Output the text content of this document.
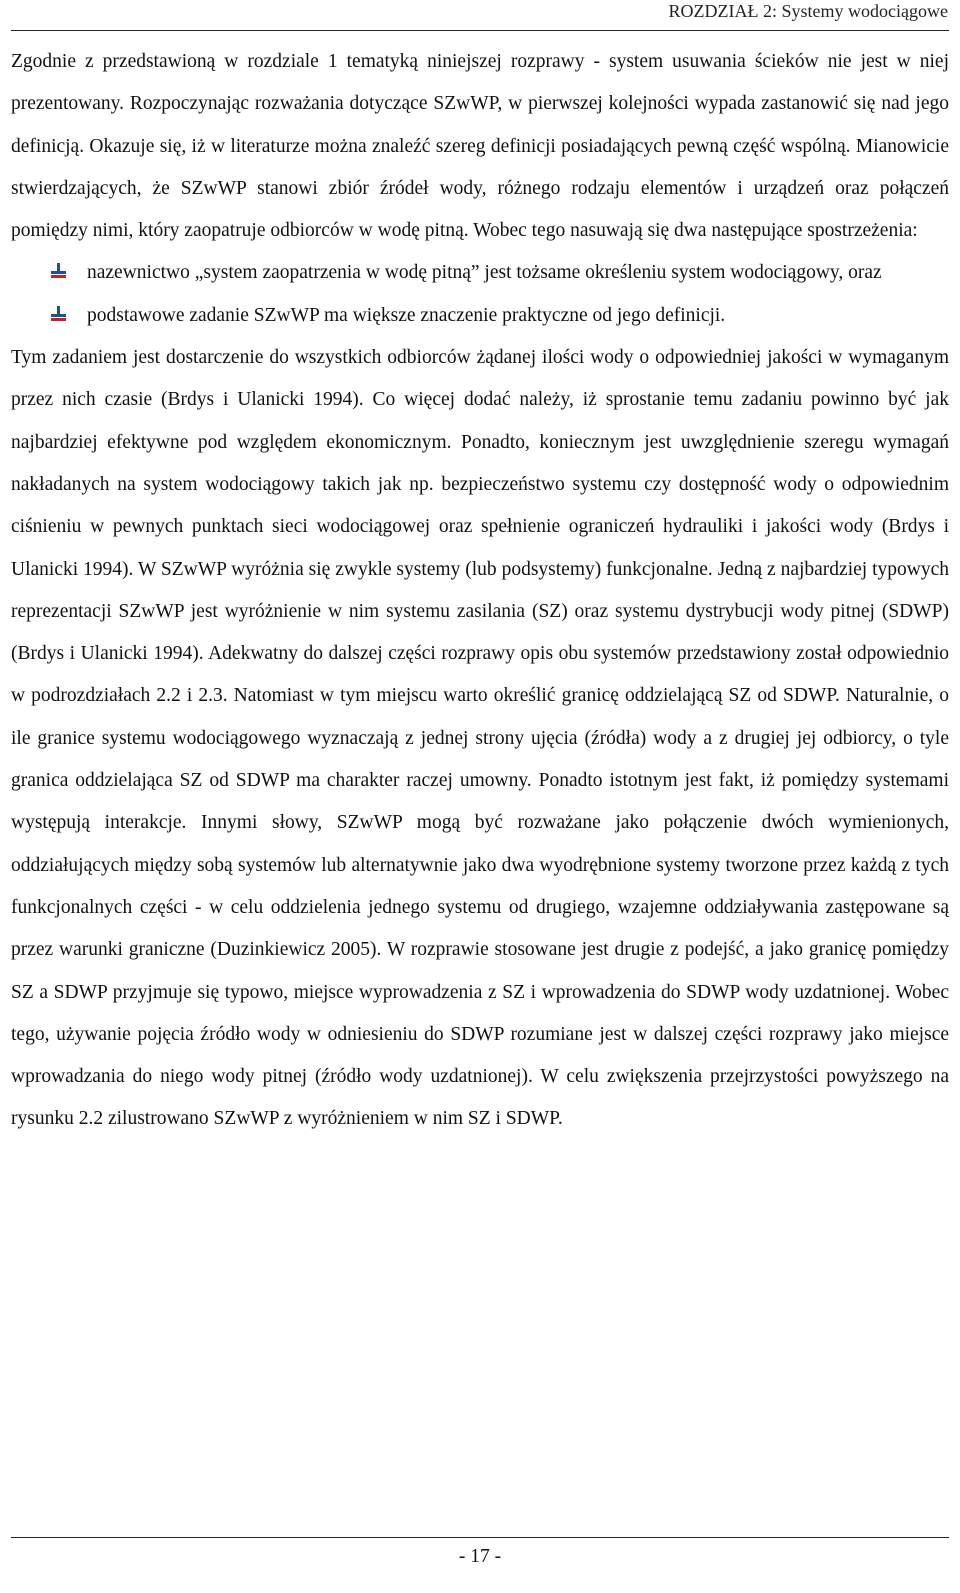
ROZDZIAŁ 2: Systemy wodociągowe

Zgodnie z przedstawioną w rozdziale 1 tematyką niniejszej rozprawy - system usuwania ścieków nie jest w niej prezentowany. Rozpoczynając rozważania dotyczące SZwWP, w pierwszej kolejności wypada zastanowić się nad jego definicją. Okazuje się, iż w literaturze można znaleźć szereg definicji posiadających pewną część wspólną. Mianowicie stwierdzających, że SZwWP stanowi zbiór źródeł wody, różnego rodzaju elementów i urządzeń oraz połączeń pomiędzy nimi, który zaopatruje odbiorców w wodę pitną. Wobec tego nasuwają się dwa następujące spostrzeżenia:

nazewnictwo „system zaopatrzenia w wodę pitną” jest tożsame określeniu system wodociągowy, oraz
podstawowe zadanie SZwWP ma większe znaczenie praktyczne od jego definicji.

Tym zadaniem jest dostarczenie do wszystkich odbiorców żądanej ilości wody o odpowiedniej jakości w wymaganym przez nich czasie (Brdys i Ulanicki 1994). Co więcej dodać należy, iż sprostanie temu zadaniu powinno być jak najbardziej efektywne pod względem ekonomicznym. Ponadto, koniecznym jest uwzględnienie szeregu wymagań nakładanych na system wodociągowy takich jak np. bezpieczeństwo systemu czy dostępność wody o odpowiednim ciśnieniu w pewnych punktach sieci wodociągowej oraz spełnienie ograniczeń hydrauliki i jakości wody (Brdys i Ulanicki 1994). W SZwWP wyróżnia się zwykle systemy (lub podsystemy) funkcjonalne. Jedną z najbardziej typowych reprezentacji SZwWP jest wyróżnienie w nim systemu zasilania (SZ) oraz systemu dystrybucji wody pitnej (SDWP) (Brdys i Ulanicki 1994). Adekwatny do dalszej części rozprawy opis obu systemów przedstawiony został odpowiednio w podrozdziałach 2.2 i 2.3. Natomiast w tym miejscu warto określić granicę oddzielającą SZ od SDWP. Naturalnie, o ile granice systemu wodociągowego wyznaczają z jednej strony ujęcia (źródła) wody a z drugiej jej odbiorcy, o tyle granica oddzielająca SZ od SDWP ma charakter raczej umowny. Ponadto istotnym jest fakt, iż pomiędzy systemami występują interakcje. Innymi słowy, SZwWP mogą być rozważane jako połączenie dwóch wymienionych, oddziałujących między sobą systemów lub alternatywnie jako dwa wyodrębnione systemy tworzone przez każdą z tych funkcjonalnych części - w celu oddzielenia jednego systemu od drugiego, wzajemne oddziaływania zastępowane są przez warunki graniczne (Duzinkiewicz 2005). W rozprawie stosowane jest drugie z podejść, a jako granicę pomiędzy SZ a SDWP przyjmuje się typowo, miejsce wyprowadzenia z SZ i wprowadzenia do SDWP wody uzdatnionej. Wobec tego, używanie pojęcia źródło wody w odniesieniu do SDWP rozumiane jest w dalszej części rozprawy jako miejsce wprowadzania do niego wody pitnej (źródło wody uzdatnionej). W celu zwiększenia przejrzystości powyższego na rysunku 2.2 zilustrowano SZwWP z wyróżnieniem w nim SZ i SDWP.

- 17 -
